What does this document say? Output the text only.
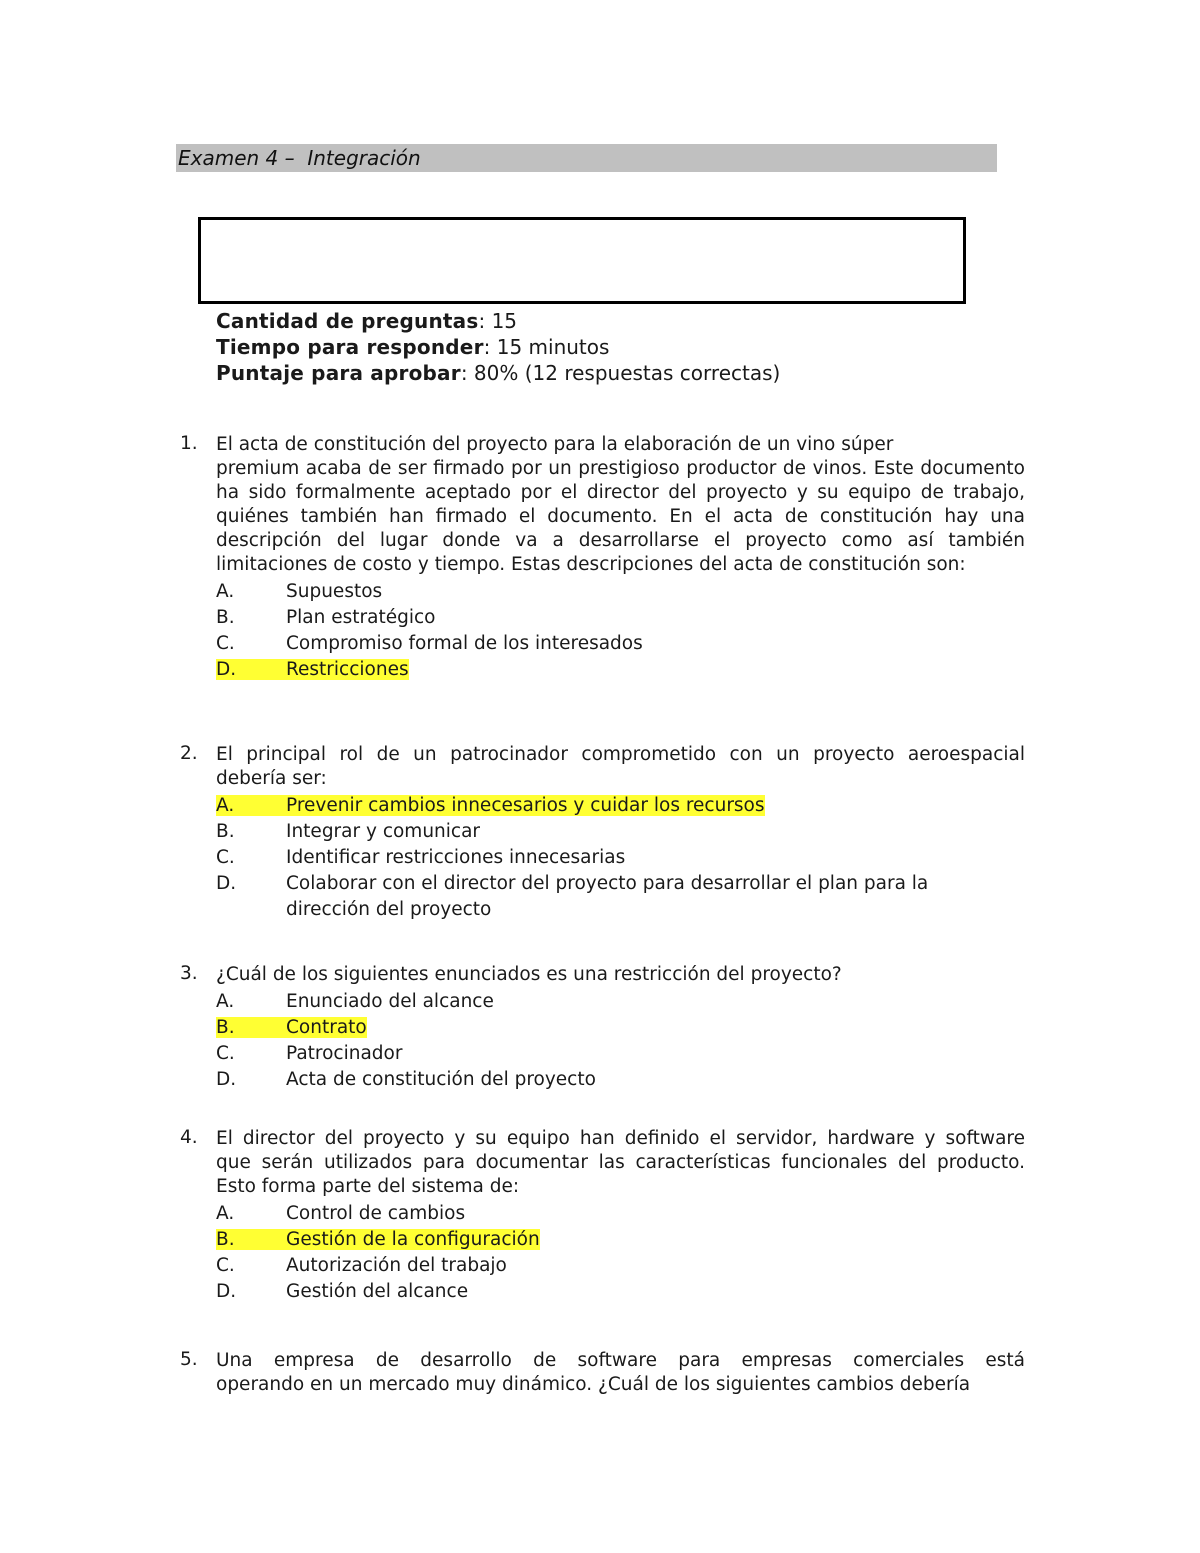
Examen 4 –  Integración
Cantidad de preguntas: 15
Tiempo para responder: 15 minutos
Puntaje para aprobar: 80% (12 respuestas correctas)
1. El acta de constitución del proyecto para la elaboración de un vino súper
premium acaba de ser firmado por un prestigioso productor de vinos. Este documento ha sido formalmente aceptado por el director del proyecto y su equipo de trabajo, quiénes también han firmado el documento. En el acta de constitución hay una descripción del lugar donde va a desarrollarse el proyecto como así también limitaciones de costo y tiempo. Estas descripciones del acta de constitución son:
A.	Supuestos
B.	Plan estratégico
C.	Compromiso formal de los interesados
D.	Restricciones
2. El principal rol de un patrocinador comprometido con un proyecto aeroespacial
debería ser:
A.	Prevenir cambios innecesarios y cuidar los recursos
B.	Integrar y comunicar
C.	Identificar restricciones innecesarias
D.	Colaborar con el director del proyecto para desarrollar el plan para la dirección del proyecto
3. ¿Cuál de los siguientes enunciados es una restricción del proyecto?
A.	Enunciado del alcance
B.	Contrato
C.	Patrocinador
D.	Acta de constitución del proyecto
4. El director del proyecto y su equipo han definido el servidor, hardware y software
que serán utilizados para documentar las características funcionales del producto. Esto forma parte del sistema de:
A.	Control de cambios
B.	Gestión de la configuración
C.	Autorización del trabajo
D.	Gestión del alcance
5. Una empresa de desarrollo de software para empresas comerciales está
operando en un mercado muy dinámico. ¿Cuál de los siguientes cambios debería
